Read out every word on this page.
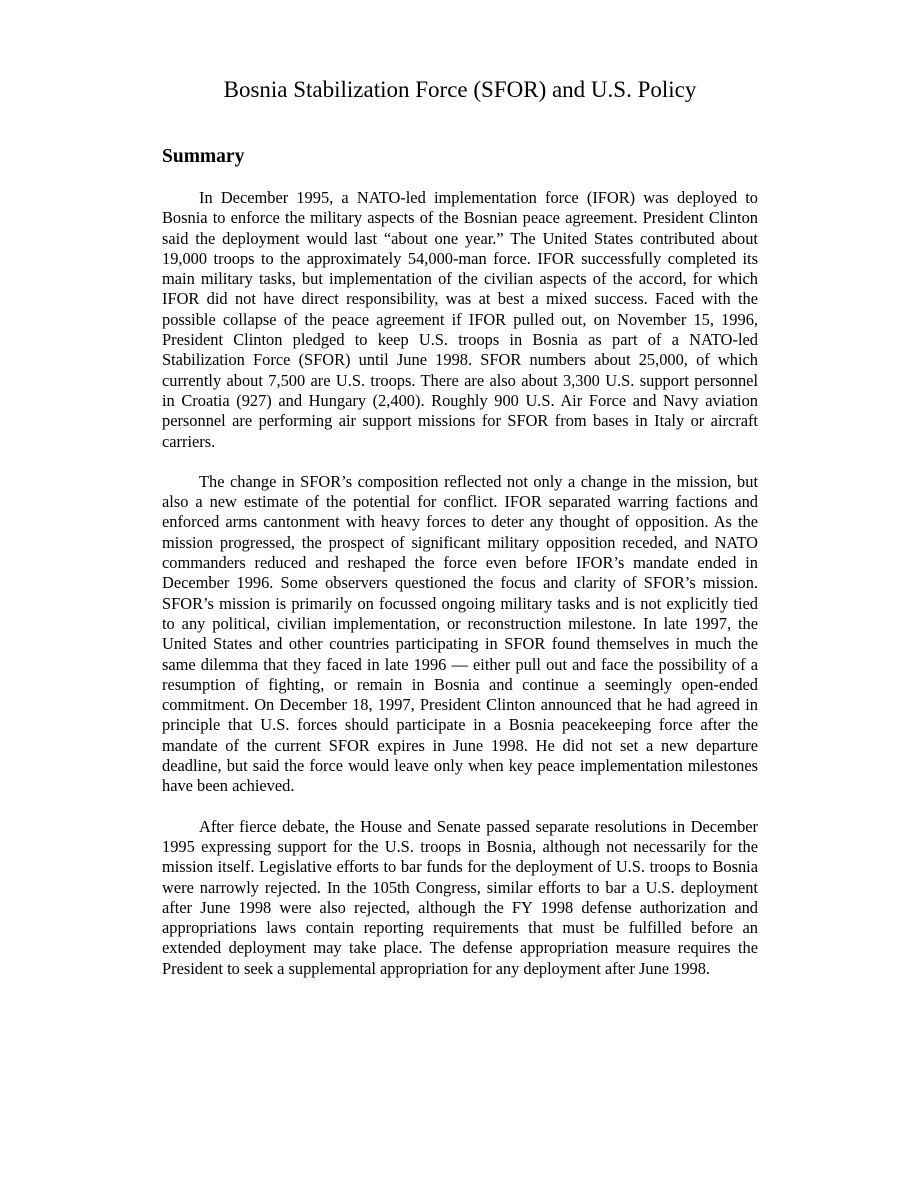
Bosnia Stabilization Force (SFOR) and U.S. Policy
Summary

In December 1995, a NATO-led implementation force (IFOR) was deployed to Bosnia to enforce the military aspects of the Bosnian peace agreement. President Clinton said the deployment would last “about one year.” The United States contributed about 19,000 troops to the approximately 54,000-man force. IFOR successfully completed its main military tasks, but implementation of the civilian aspects of the accord, for which IFOR did not have direct responsibility, was at best a mixed success. Faced with the possible collapse of the peace agreement if IFOR pulled out, on November 15, 1996, President Clinton pledged to keep U.S. troops in Bosnia as part of a NATO-led Stabilization Force (SFOR) until June 1998. SFOR numbers about 25,000, of which currently about 7,500 are U.S. troops. There are also about 3,300 U.S. support personnel in Croatia (927) and Hungary (2,400). Roughly 900 U.S. Air Force and Navy aviation personnel are performing air support missions for SFOR from bases in Italy or aircraft carriers.

The change in SFOR’s composition reflected not only a change in the mission, but also a new estimate of the potential for conflict. IFOR separated warring factions and enforced arms cantonment with heavy forces to deter any thought of opposition. As the mission progressed, the prospect of significant military opposition receded, and NATO commanders reduced and reshaped the force even before IFOR’s mandate ended in December 1996. Some observers questioned the focus and clarity of SFOR’s mission. SFOR’s mission is primarily on focussed ongoing military tasks and is not explicitly tied to any political, civilian implementation, or reconstruction milestone. In late 1997, the United States and other countries participating in SFOR found themselves in much the same dilemma that they faced in late 1996 — either pull out and face the possibility of a resumption of fighting, or remain in Bosnia and continue a seemingly open-ended commitment. On December 18, 1997, President Clinton announced that he had agreed in principle that U.S. forces should participate in a Bosnia peacekeeping force after the mandate of the current SFOR expires in June 1998. He did not set a new departure deadline, but said the force would leave only when key peace implementation milestones have been achieved.

After fierce debate, the House and Senate passed separate resolutions in December 1995 expressing support for the U.S. troops in Bosnia, although not necessarily for the mission itself. Legislative efforts to bar funds for the deployment of U.S. troops to Bosnia were narrowly rejected. In the 105th Congress, similar efforts to bar a U.S. deployment after June 1998 were also rejected, although the FY 1998 defense authorization and appropriations laws contain reporting requirements that must be fulfilled before an extended deployment may take place. The defense appropriation measure requires the President to seek a supplemental appropriation for any deployment after June 1998.
